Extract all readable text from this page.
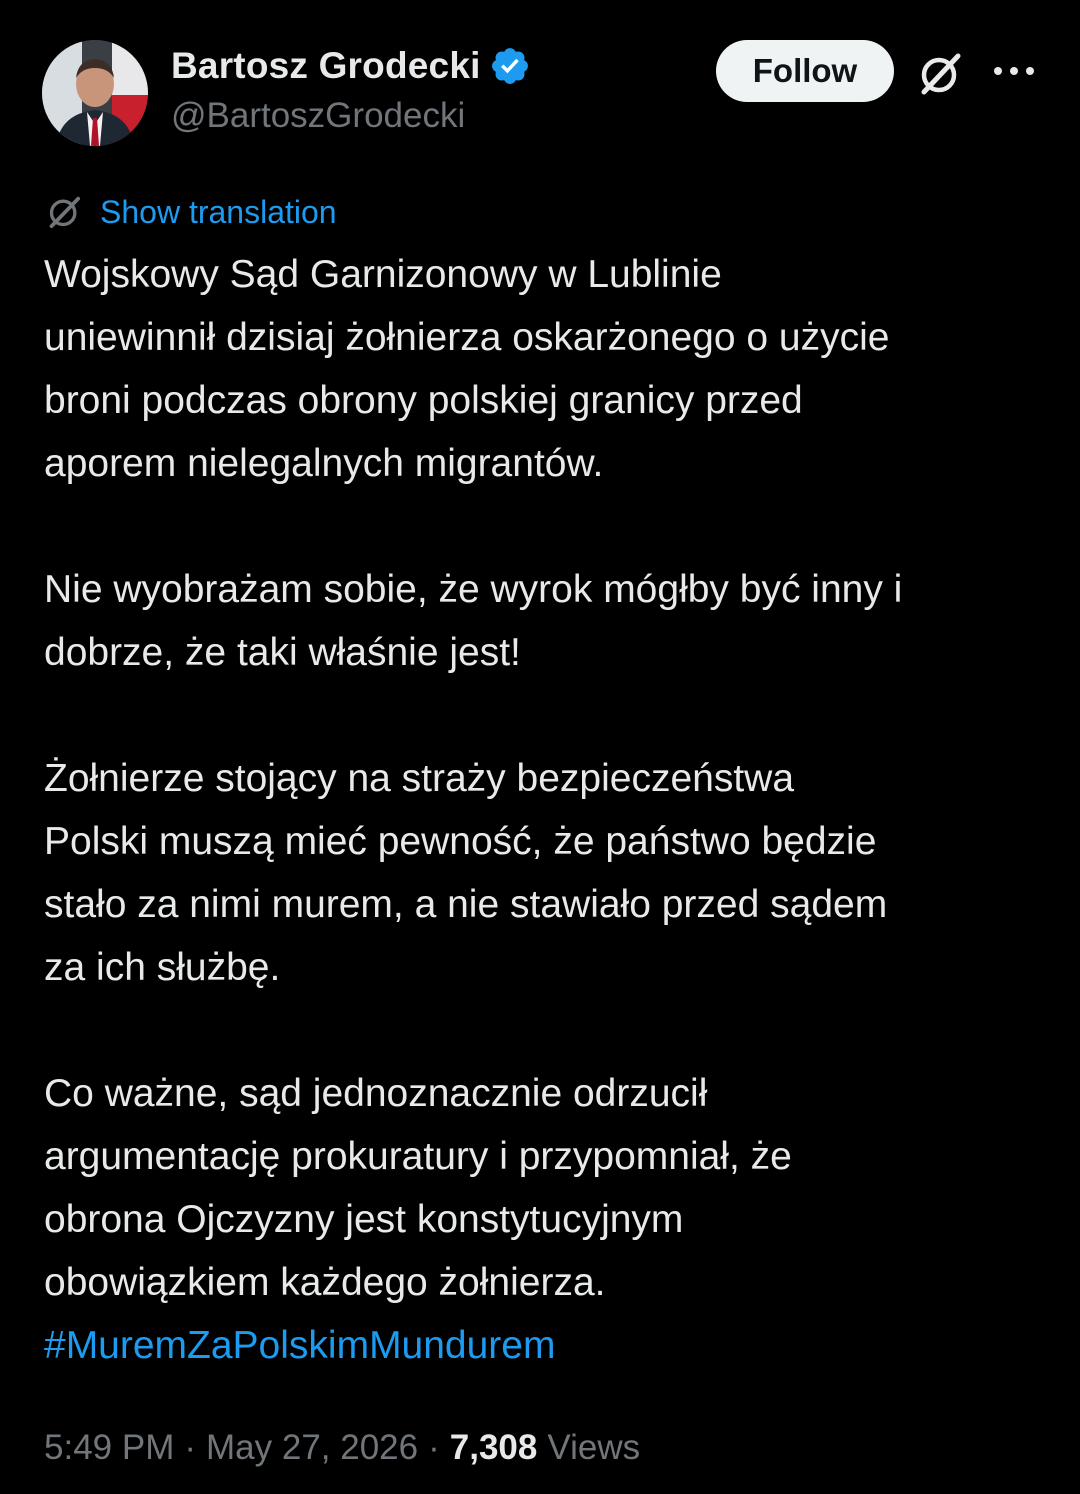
Bartosz Grodecki
@BartoszGrodecki
Follow
Show translation

Wojskowy Sąd Garnizonowy w Lublinie
uniewinnił dzisiaj żołnierza oskarżonego o użycie
broni podczas obrony polskiej granicy przed
aporem nielegalnych migrantów.

Nie wyobrażam sobie, że wyrok mógłby być inny i
dobrze, że taki właśnie jest!

Żołnierze stojący na straży bezpieczeństwa
Polski muszą mieć pewność, że państwo będzie
stało za nimi murem, a nie stawiało przed sądem
za ich służbę.

Co ważne, sąd jednoznacznie odrzucił
argumentację prokuratury i przypomniał, że
obrona Ojczyzny jest konstytucyjnym
obowiązkiem każdego żołnierza.
#MuremZaPolskimMundurem

5:49 PM · May 27, 2026 · 7,308 Views
